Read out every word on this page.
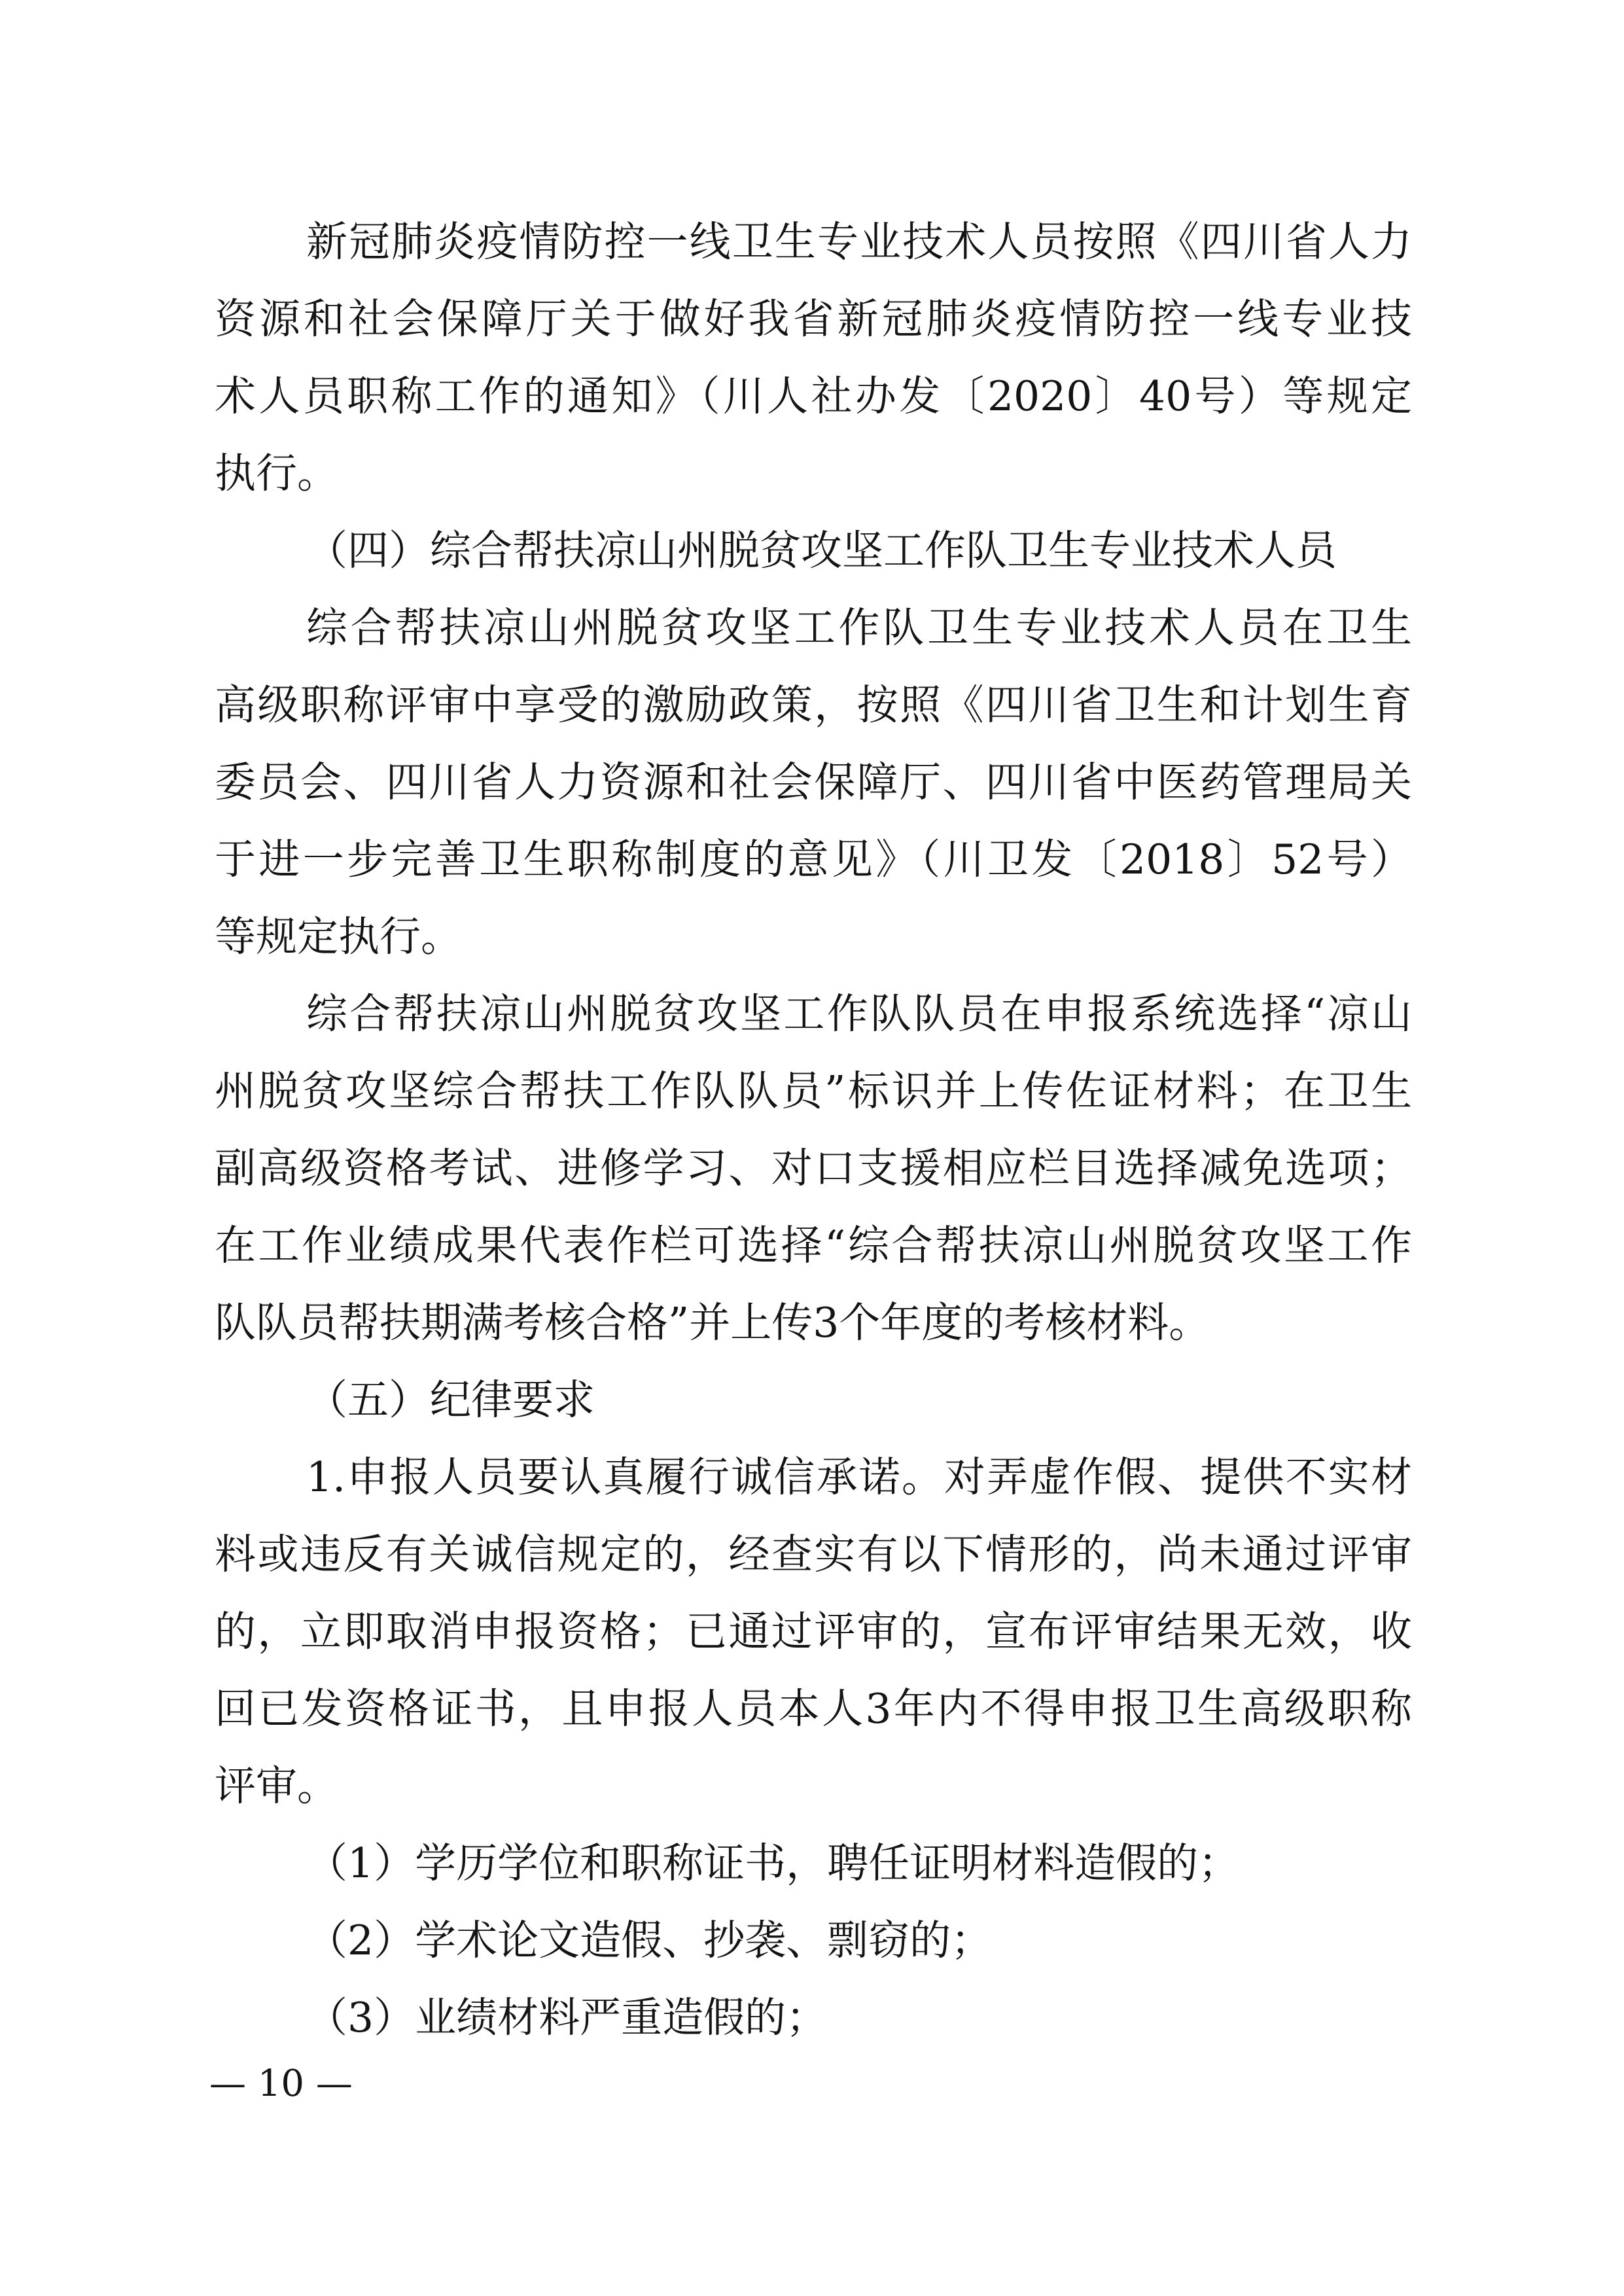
新冠肺炎疫情防控一线卫生专业技术人员按照《四川省人力
资源和社会保障厅关于做好我省新冠肺炎疫情防控一线专业技
术人员职称工作的通知》（川人社办发〔2020〕40号）等规定
执行。
（四）综合帮扶凉山州脱贫攻坚工作队卫生专业技术人员
综合帮扶凉山州脱贫攻坚工作队卫生专业技术人员在卫生
高级职称评审中享受的激励政策，按照《四川省卫生和计划生育
委员会、四川省人力资源和社会保障厅、四川省中医药管理局关
于进一步完善卫生职称制度的意见》（川卫发〔2018〕52号）
等规定执行。
综合帮扶凉山州脱贫攻坚工作队队员在申报系统选择“凉山
州脱贫攻坚综合帮扶工作队队员”标识并上传佐证材料；在卫生
副高级资格考试、进修学习、对口支援相应栏目选择减免选项；
在工作业绩成果代表作栏可选择“综合帮扶凉山州脱贫攻坚工作
队队员帮扶期满考核合格”并上传3个年度的考核材料。
（五）纪律要求
1.申报人员要认真履行诚信承诺。对弄虚作假、提供不实材
料或违反有关诚信规定的，经查实有以下情形的，尚未通过评审
的，立即取消申报资格；已通过评审的，宣布评审结果无效，收
回已发资格证书，且申报人员本人3年内不得申报卫生高级职称
评审。
（1）学历学位和职称证书，聘任证明材料造假的；
（2）学术论文造假、抄袭、剽窃的；
（3）业绩材料严重造假的；
— 10 —
